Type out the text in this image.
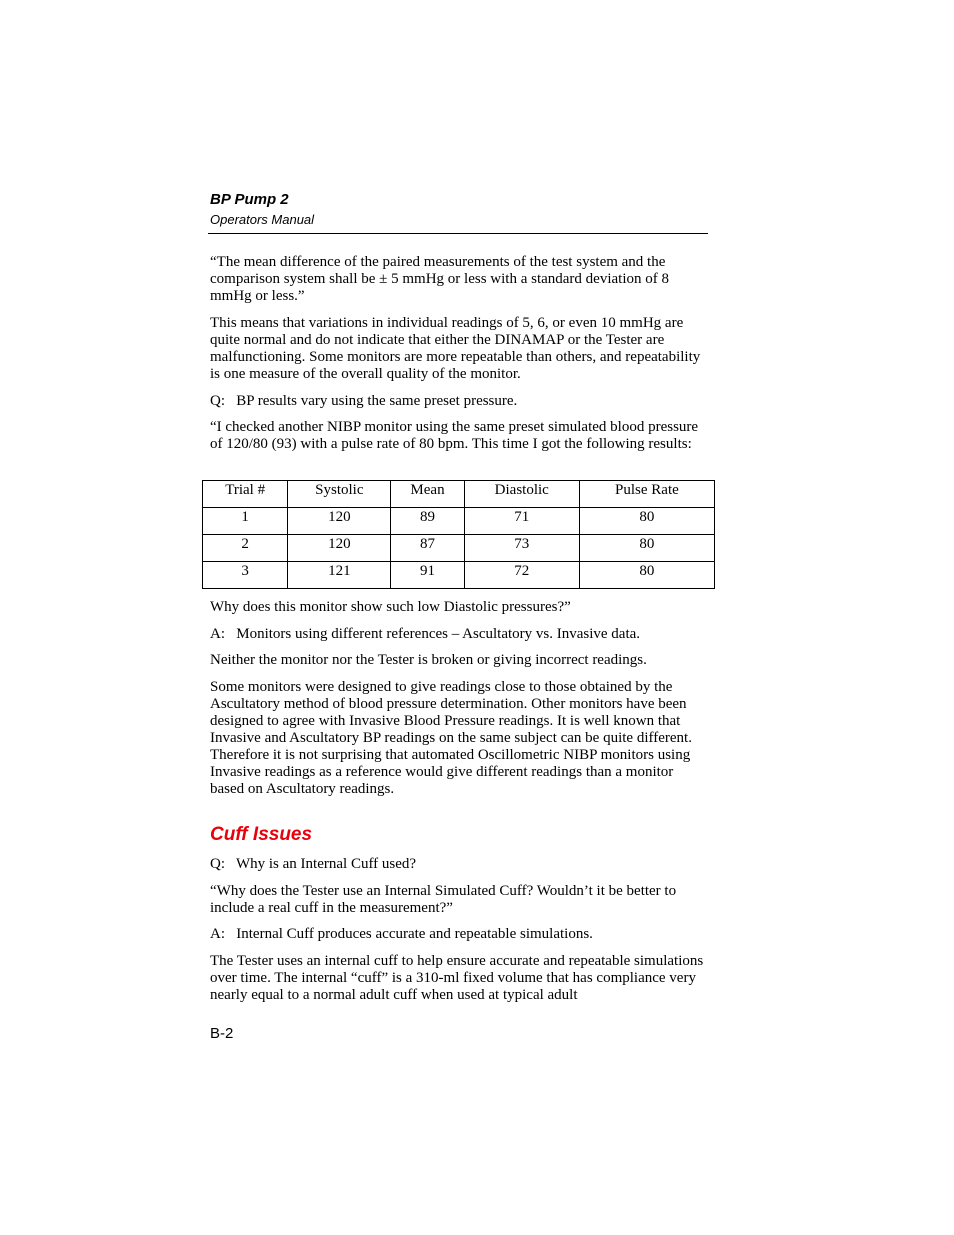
BP Pump 2
Operators Manual

“The mean difference of the paired measurements of the test system and the comparison system shall be ± 5 mmHg or less with a standard deviation of 8 mmHg or less.”

This means that variations in individual readings of 5, 6, or even 10 mmHg are quite normal and do not indicate that either the DINAMAP or the Tester are malfunctioning. Some monitors are more repeatable than others, and repeatability is one measure of the overall quality of the monitor.

Q:   BP results vary using the same preset pressure.

“I checked another NIBP monitor using the same preset simulated blood pressure of 120/80 (93) with a pulse rate of 80 bpm. This time I got the following results:

Trial #	Systolic	Mean	Diastolic	Pulse Rate
1	120	89	71	80
2	120	87	73	80
3	121	91	72	80

Why does this monitor show such low Diastolic pressures?”

A:   Monitors using different references – Ascultatory vs. Invasive data.

Neither the monitor nor the Tester is broken or giving incorrect readings.

Some monitors were designed to give readings close to those obtained by the Ascultatory method of blood pressure determination. Other monitors have been designed to agree with Invasive Blood Pressure readings. It is well known that Invasive and Ascultatory BP readings on the same subject can be quite different. Therefore it is not surprising that automated Oscillometric NIBP monitors using Invasive readings as a reference would give different readings than a monitor based on Ascultatory readings.

Cuff Issues

Q:   Why is an Internal Cuff used?

“Why does the Tester use an Internal Simulated Cuff? Wouldn’t it be better to include a real cuff in the measurement?”

A:   Internal Cuff produces accurate and repeatable simulations.

The Tester uses an internal cuff to help ensure accurate and repeatable simulations over time. The internal “cuff” is a 310-ml fixed volume that has compliance very nearly equal to a normal adult cuff when used at typical adult

B-2
